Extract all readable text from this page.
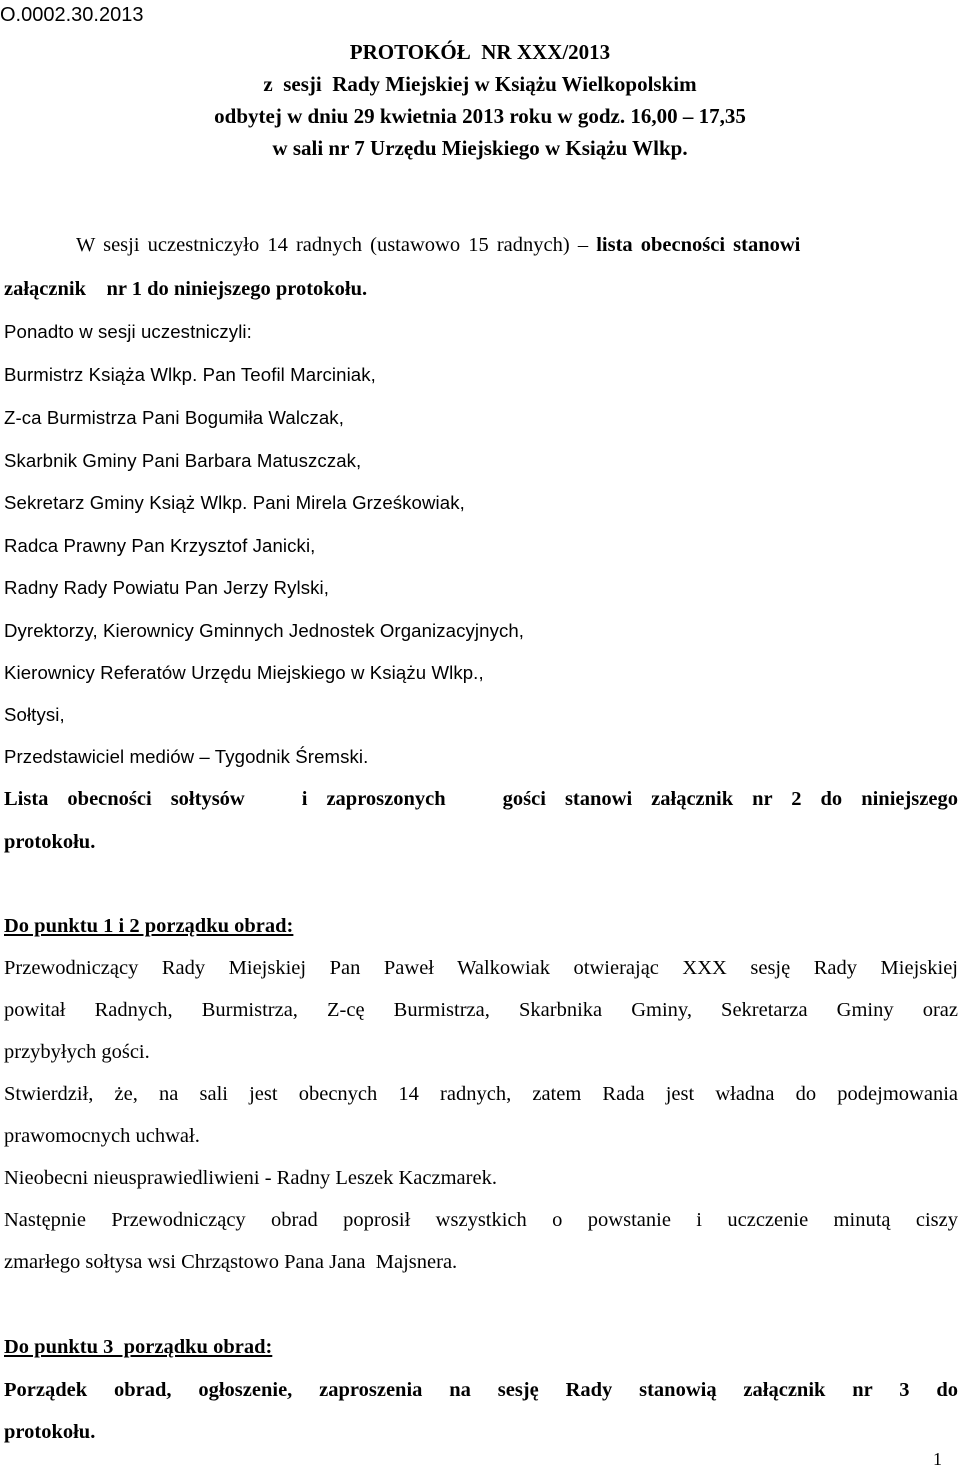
O.0002.30.2013
PROTOKÓŁ  NR XXX/2013
z  sesji  Rady Miejskiej w Książu Wielkopolskim
odbytej w dniu 29 kwietnia 2013 roku w godz. 16,00 – 17,35
w sali nr 7 Urzędu Miejskiego w Książu Wlkp.
W sesji uczestniczyło 14 radnych (ustawowo 15 radnych) – lista obecności stanowi
załącznik    nr 1 do niniejszego protokołu.
Ponadto w sesji uczestniczyli:
Burmistrz Książa Wlkp. Pan Teofil Marciniak,
Z-ca Burmistrza Pani Bogumiła Walczak,
Skarbnik Gminy Pani Barbara Matuszczak,
Sekretarz Gminy Książ Wlkp. Pani Mirela Grześkowiak,
Radca Prawny Pan Krzysztof Janicki,
Radny Rady Powiatu Pan Jerzy Rylski,
Dyrektorzy, Kierownicy Gminnych Jednostek Organizacyjnych,
Kierownicy Referatów Urzędu Miejskiego w Książu Wlkp.,
Sołtysi,
Przedstawiciel mediów – Tygodnik Śremski.
Lista obecności sołtysów   i zaproszonych   gości stanowi załącznik nr 2 do niniejszego
protokołu.
Do punktu 1 i 2 porządku obrad:
Przewodniczący Rady Miejskiej Pan Paweł Walkowiak otwierając XXX sesję Rady Miejskiej
powitał Radnych, Burmistrza, Z-cę Burmistrza, Skarbnika Gminy, Sekretarza Gminy oraz
przybyłych gości.
Stwierdził, że, na sali jest obecnych 14 radnych, zatem Rada jest władna do podejmowania
prawomocnych uchwał.
Nieobecni nieusprawiedliwieni - Radny Leszek Kaczmarek.
Następnie Przewodniczący obrad poprosił wszystkich o powstanie i uczczenie minutą ciszy
zmarłego sołtysa wsi Chrząstowo Pana Jana  Majsnera.
Do punktu 3  porządku obrad:
Porządek obrad, ogłoszenie, zaproszenia na sesję Rady stanowią załącznik nr 3 do
protokołu.
1
